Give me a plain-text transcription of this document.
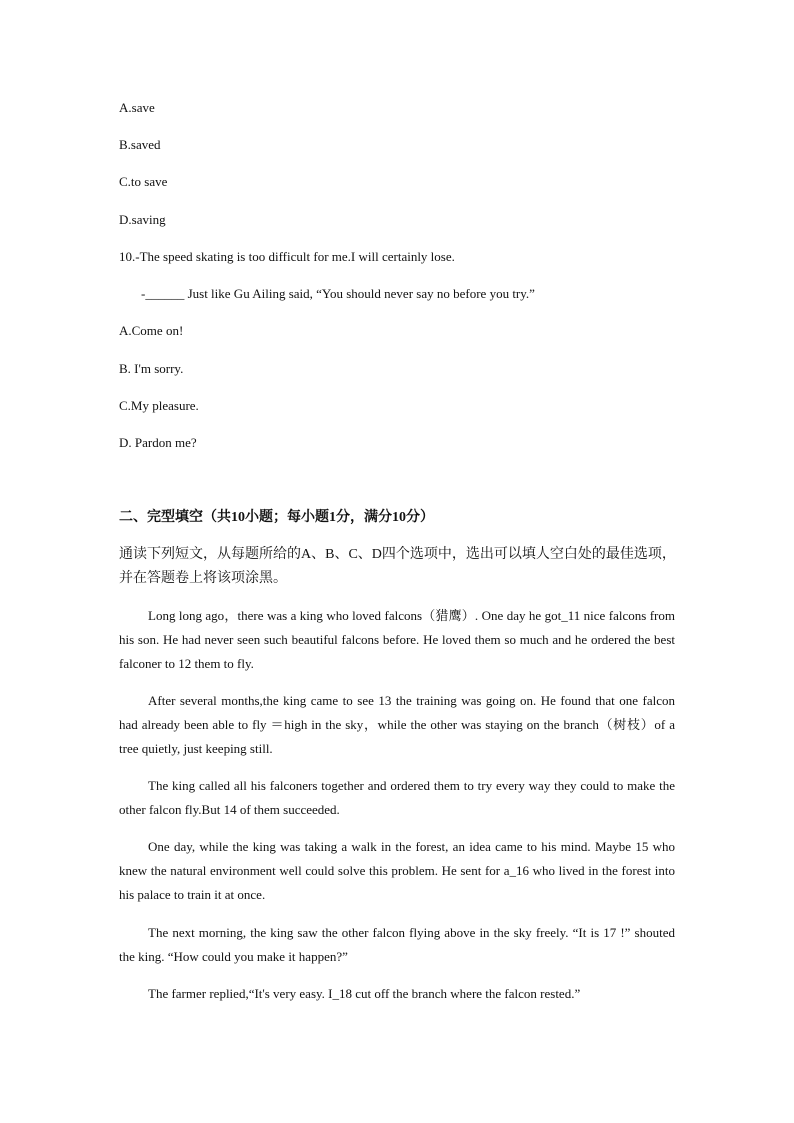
A.save
B.saved
C.to save
D.saving
10.-The speed skating is too difficult for me.I will certainly lose.
-______ Just like Gu Ailing said, “You should never say no before you try.”
A.Come on!
B. I'm sorry.
C.My pleasure.
D. Pardon me?
二、完型填空（共10小题；每小题1分，满分10分）
通读下列短文，从每题所给的A、B、C、D四个选项中，选出可以填人空白处的最佳选项，并在答题卷上将该项涂黑。
Long long ago，there was a king who loved falcons（猎鹰）. One day he got_11 nice falcons from his son. He had never seen such beautiful falcons before. He loved them so much and he ordered the best falconer to 12 them to fly.
After several months,the king came to see 13 the training was going on. He found that one falcon had already been able to fly ＝high in the sky，while the other was staying on the branch（树枝）of a tree quietly, just keeping still.
The king called all his falconers together and ordered them to try every way they could to make the other falcon fly.But 14 of them succeeded.
One day, while the king was taking a walk in the forest, an idea came to his mind. Maybe 15 who knew the natural environment well could solve this problem. He sent for a_16 who lived in the forest into his palace to train it at once.
The next morning, the king saw the other falcon flying above in the sky freely. “It is 17 !” shouted the king. “How could you make it happen?”
The farmer replied,“It's very easy. I_18 cut off the branch where the falcon rested.”
